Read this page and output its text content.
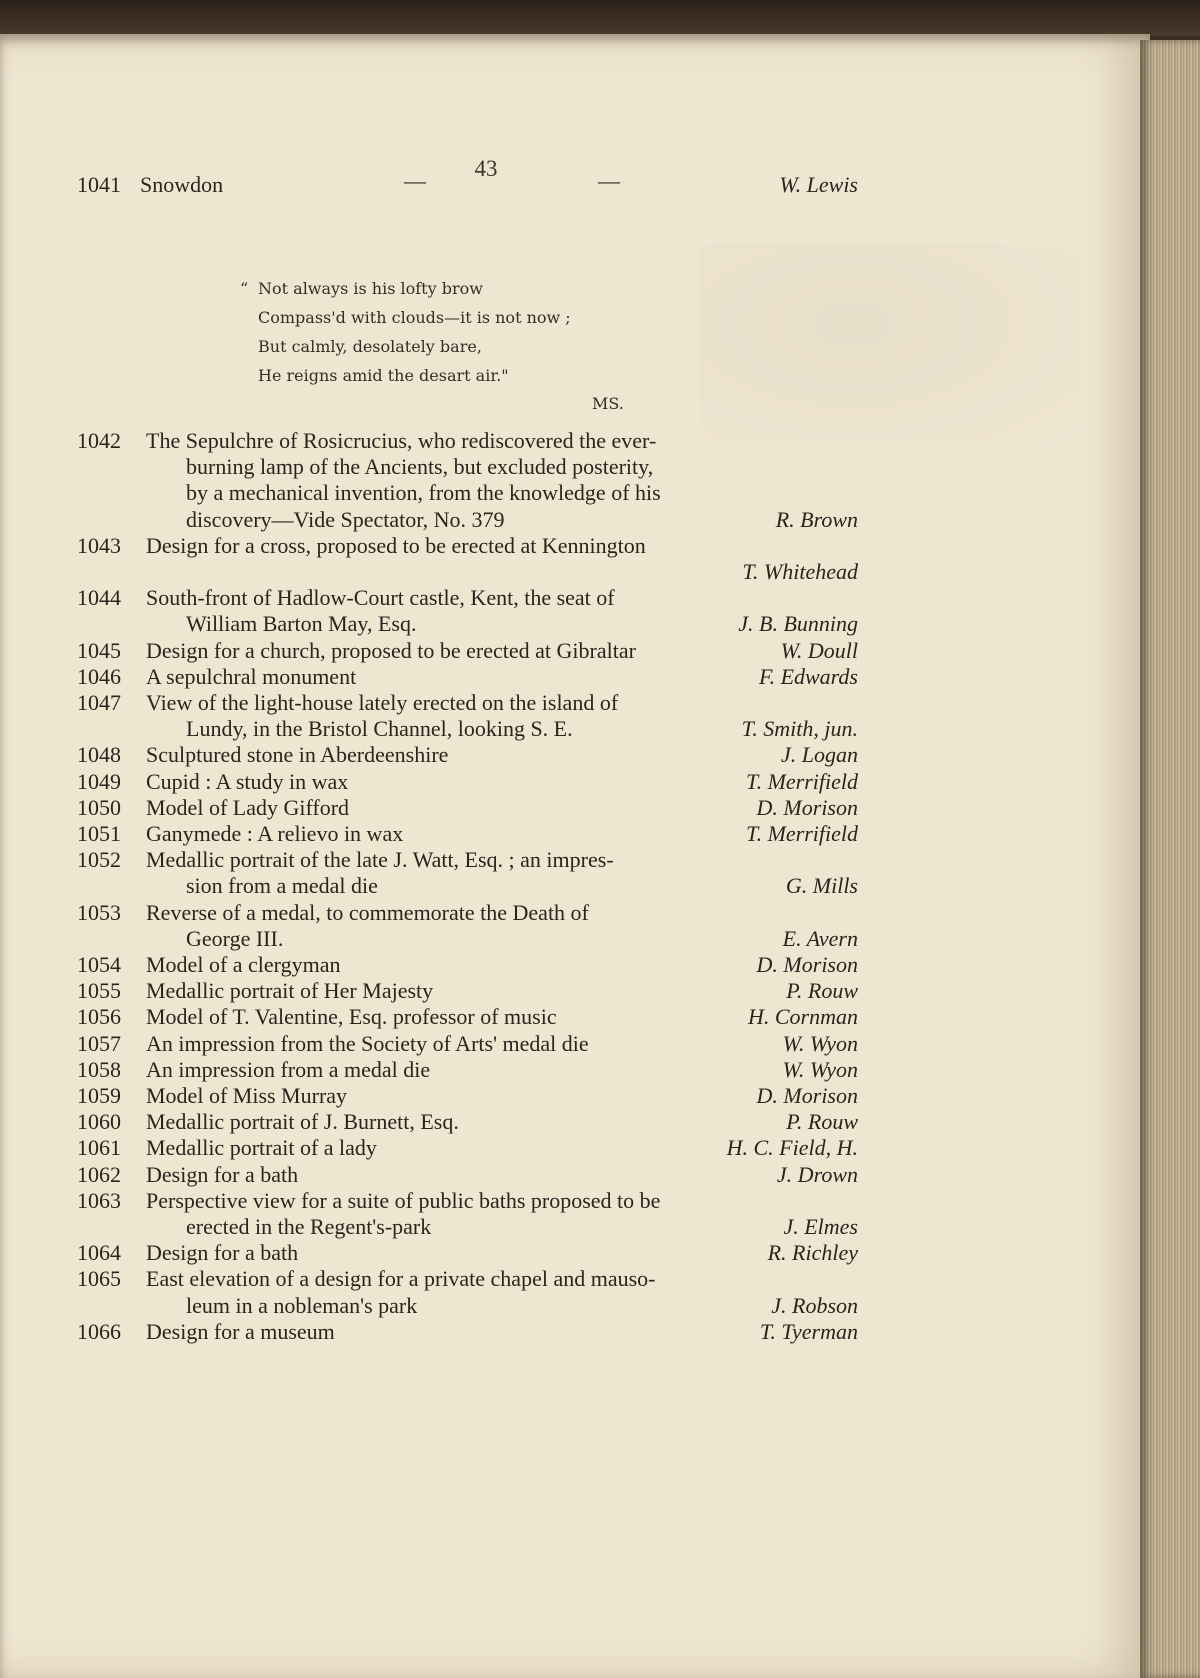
43
1041 Snowdon	—	—	W. Lewis
“ Not always is his lofty brow
Compass'd with clouds—it is not now ;
But calmly, desolately bare,
He reigns amid the desart air."
MS.
1042	The Sepulchre of Rosicrucius, who rediscovered the ever-
burning lamp of the Ancients, but excluded posterity,
by a mechanical invention, from the knowledge of his
discovery—Vide Spectator, No. 379	R. Brown
1043	Design for a cross, proposed to be erected at Kennington
T. Whitehead
1044	South-front of Hadlow-Court castle, Kent, the seat of
William Barton May, Esq.	J. B. Bunning
1045	Design for a church, proposed to be erected at Gibraltar	W. Doull
1046	A sepulchral monument	F. Edwards
1047	View of the light-house lately erected on the island of
Lundy, in the Bristol Channel, looking S. E.	T. Smith, jun.
1048	Sculptured stone in Aberdeenshire	J. Logan
1049	Cupid : A study in wax	T. Merrifield
1050	Model of Lady Gifford	D. Morison
1051	Ganymede : A relievo in wax	T. Merrifield
1052	Medallic portrait of the late J. Watt, Esq. ; an impres-
sion from a medal die	G. Mills
1053	Reverse of a medal, to commemorate the Death of
George III.	E. Avern
1054	Model of a clergyman	D. Morison
1055	Medallic portrait of Her Majesty	P. Rouw
1056	Model of T. Valentine, Esq. professor of music	H. Cornman
1057	An impression from the Society of Arts' medal die	W. Wyon
1058	An impression from a medal die	W. Wyon
1059	Model of Miss Murray	D. Morison
1060	Medallic portrait of J. Burnett, Esq.	P. Rouw
1061	Medallic portrait of a lady	H. C. Field, H.
1062	Design for a bath	J. Drown
1063	Perspective view for a suite of public baths proposed to be
erected in the Regent's-park	J. Elmes
1064	Design for a bath	R. Richley
1065	East elevation of a design for a private chapel and mauso-
leum in a nobleman's park	J. Robson
1066	Design for a museum	T. Tyerman
